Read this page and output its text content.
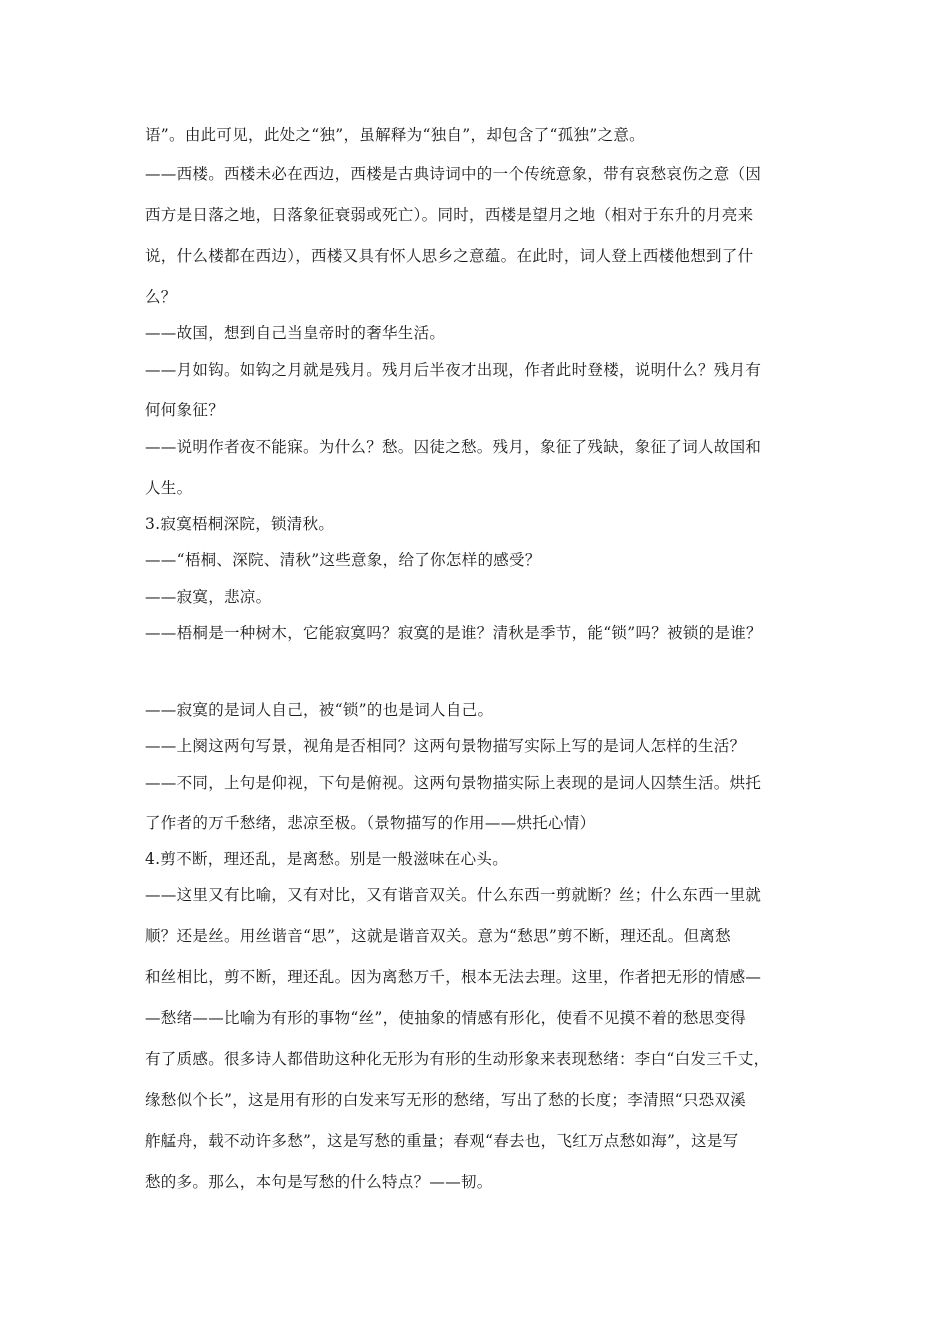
语”。由此可见，此处之“独”，虽解释为“独自”，却包含了“孤独”之意。
——西楼。西楼未必在西边，西楼是古典诗词中的一个传统意象，带有哀愁哀伤之意（因
西方是日落之地，日落象征衰弱或死亡）。同时，西楼是望月之地（相对于东升的月亮来
说，什么楼都在西边），西楼又具有怀人思乡之意蕴。在此时，词人登上西楼他想到了什
么？
——故国，想到自己当皇帝时的奢华生活。
——月如钩。如钩之月就是残月。残月后半夜才出现，作者此时登楼，说明什么？残月有
何何象征？
——说明作者夜不能寐。为什么？愁。囚徒之愁。残月，象征了残缺，象征了词人故国和
人生。
3.寂寞梧桐深院，锁清秋。
——“梧桐、深院、清秋”这些意象，给了你怎样的感受？
——寂寞，悲凉。
——梧桐是一种树木，它能寂寞吗？寂寞的是谁？清秋是季节，能“锁”吗？被锁的是谁？
——寂寞的是词人自己，被“锁”的也是词人自己。
——上阕这两句写景，视角是否相同？这两句景物描写实际上写的是词人怎样的生活？
——不同，上句是仰视，下句是俯视。这两句景物描实际上表现的是词人囚禁生活。烘托
了作者的万千愁绪，悲凉至极。（景物描写的作用——烘托心情）
4.剪不断，理还乱，是离愁。别是一般滋味在心头。
——这里又有比喻，又有对比，又有谐音双关。什么东西一剪就断？丝；什么东西一里就
顺？还是丝。用丝谐音“思”，这就是谐音双关。意为“愁思”剪不断，理还乱。但离愁
和丝相比，剪不断，理还乱。因为离愁万千，根本无法去理。这里，作者把无形的情感—
—愁绪——比喻为有形的事物“丝”，使抽象的情感有形化，使看不见摸不着的愁思变得
有了质感。很多诗人都借助这种化无形为有形的生动形象来表现愁绪：李白“白发三千丈，
缘愁似个长”，这是用有形的白发来写无形的愁绪，写出了愁的长度；李清照“只恐双溪
舴艋舟，载不动许多愁”，这是写愁的重量；春观“春去也，飞红万点愁如海”，这是写
愁的多。那么，本句是写愁的什么特点？——韧。
